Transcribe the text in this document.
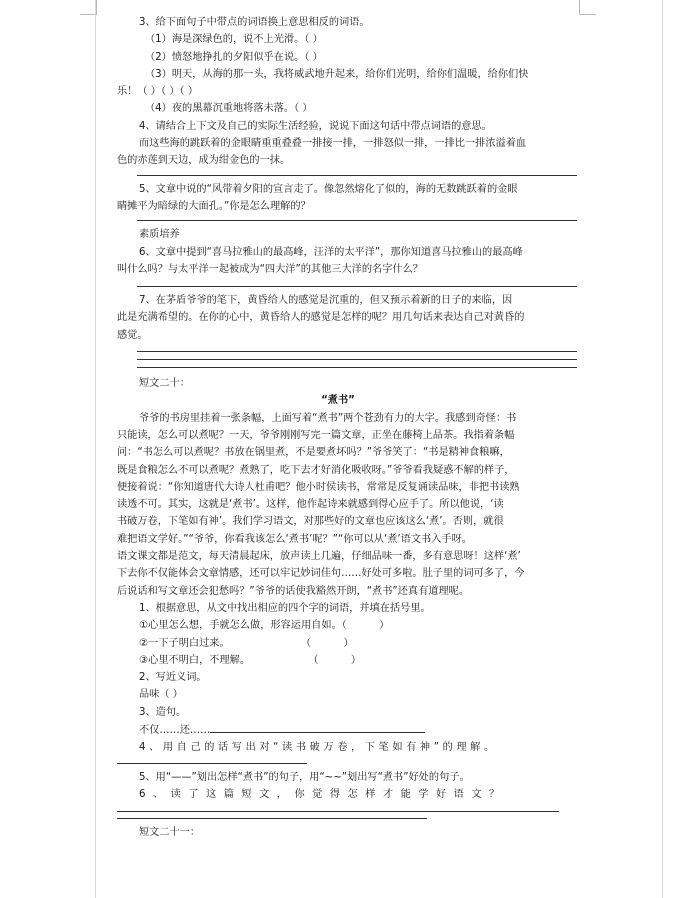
3、给下面句子中带点的词语换上意思相反的词语。

（1）海是深绿色的，说不上光滑。（ ）

（2）愤怒地挣扎的夕阳似乎在说。（ ）

（3）明天，从海的那一头，我将威武地升起来，给你们光明，给你们温暖，给你们快

乐！（ ）（ ）（ ）

（4）夜的黑幕沉重地将落未落。（ ）

4、请结合上下文及自己的实际生活经验，说说下面这句话中带点词语的意思。

而这些海的跳跃着的金眼睛重重叠叠一排接一排，一排怒似一排，一排比一排浓溢着血

色的赤莲到天边，成为绀金色的一抹。

5、文章中说的“风带着夕阳的宣言走了。像忽然熔化了似的，海的无数跳跃着的金眼

睛摊平为暗绿的大面孔。”你是怎么理解的？

素质培养

6、文章中提到“喜马拉雅山的最高峰，汪洋的太平洋”，那你知道喜马拉雅山的最高峰

叫什么吗？与太平洋一起被成为“四大洋”的其他三大洋的名字什么？

7、在茅盾爷爷的笔下，黄昏给人的感觉是沉重的，但又预示着新的日子的来临，因

此是充满希望的。在你的心中，黄昏给人的感觉是怎样的呢？用几句话来表达自己对黄昏的

感觉。

短文二十：

“煮书”

爷爷的书房里挂着一张条幅，上面写着“煮书”两个苍劲有力的大字。我感到奇怪：书

只能读，怎么可以煮呢？一天，爷爷刚刚写完一篇文章，正坐在藤椅上品茶。我指着条幅

问：“书怎么可以煮呢？书放在锅里煮，不是要煮坏吗？”爷爷笑了：“书是精神食粮嘛，

既是食粮怎么不可以煮呢？煮熟了，吃下去才好消化吸收呀。”爷爷看我疑惑不解的样子，

便接着说：“你知道唐代大诗人杜甫吧？他小时侯读书，常常是反复诵读品味，非把书读熟

读透不可。其实，这就是‘煮书’。这样，他作起诗来就感到得心应手了。所以他说，‘读

书破万卷，下笔如有神’。我们学习语文，对那些好的文章也应该这么‘煮’。否则，就很

难把语文学好。”“爷爷，你看我该怎么‘煮书’呢？”“你可以从‘煮’语文书入手呀。

语文课文都是范文，每天清晨起床，放声读上几遍，仔细品味一番，多有意思呀！这样‘煮’

下去你不仅能体会文章情感，还可以牢记妙词佳句……好处可多啦。肚子里的词可多了，今

后说话和写文章还会犯愁吗？”爷爷的话使我豁然开朗，“煮书”还真有道理呢。

1、根据意思，从文中找出相应的四个字的词语，并填在括号里。

①心里怎么想，手就怎么做，形容运用自如。（          ）

②一下子明白过来。                      （          ）

③心里不明白，不理解。                  （          ）

2、写近义词。

品味（ ）

3、造句。

不仅……还……

4、用自己的话写出对“读书破万卷，下笔如有神”的理解。

5、用“——”划出怎样“煮书”的句子，用“~~”划出写“煮书”好处的句子。

6、读了这篇短文，你觉得怎样才能学好语文？

短文二十一：
